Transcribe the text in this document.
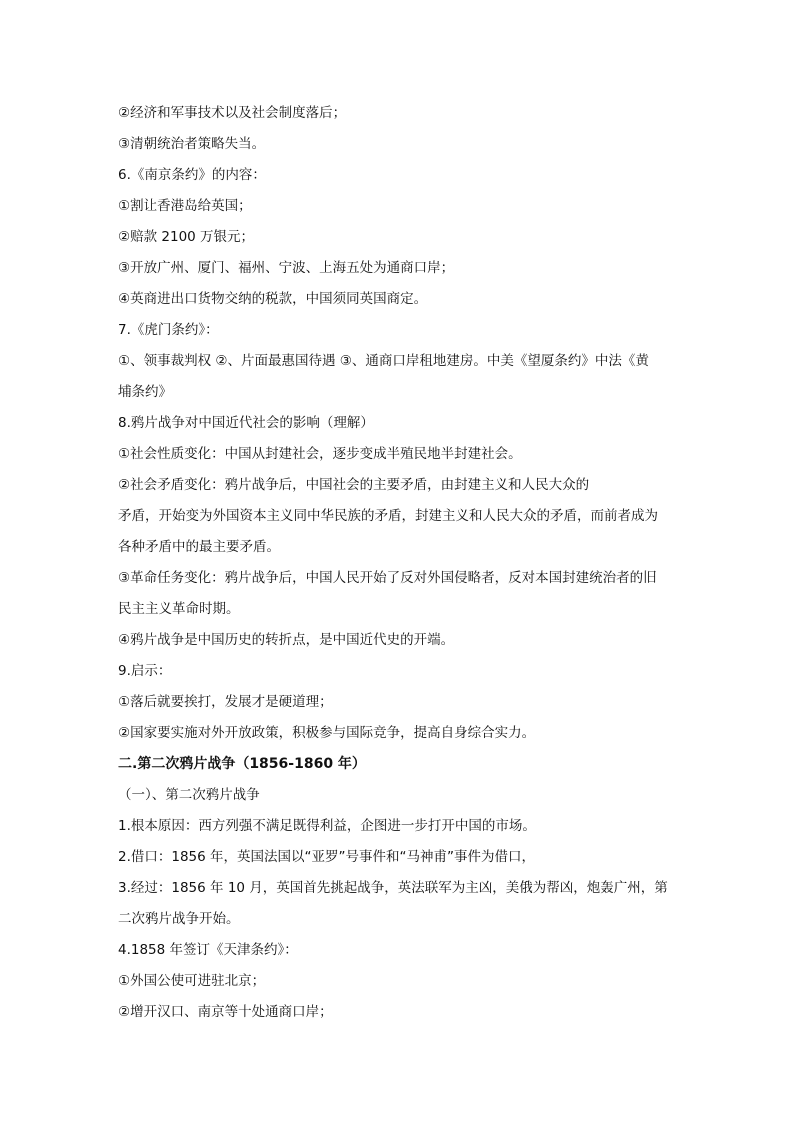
②经济和军事技术以及社会制度落后；
③清朝统治者策略失当。
6.《南京条约》的内容：
①割让香港岛给英国；
②赔款 2100 万银元；
③开放广州、厦门、福州、宁波、上海五处为通商口岸；
④英商进出口货物交纳的税款，中国须同英国商定。
7.《虎门条约》：
①、领事裁判权 ②、片面最惠国待遇 ③、通商口岸租地建房。中美《望厦条约》中法《黄
埔条约》
8.鸦片战争对中国近代社会的影响（理解）
①社会性质变化：中国从封建社会，逐步变成半殖民地半封建社会。
②社会矛盾变化：鸦片战争后，中国社会的主要矛盾，由封建主义和人民大众的
矛盾，开始变为外国资本主义同中华民族的矛盾，封建主义和人民大众的矛盾，而前者成为
各种矛盾中的最主要矛盾。
③革命任务变化：鸦片战争后，中国人民开始了反对外国侵略者，反对本国封建统治者的旧
民主主义革命时期。
④鸦片战争是中国历史的转折点，是中国近代史的开端。
9.启示：
①落后就要挨打，发展才是硬道理；
②国家要实施对外开放政策，积极参与国际竞争，提高自身综合实力。
二.第二次鸦片战争（1856-1860 年）
（一）、第二次鸦片战争
1.根本原因：西方列强不满足既得利益，企图进一步打开中国的市场。
2.借口：1856 年，英国法国以“亚罗”号事件和“马神甫”事件为借口，
3.经过：1856 年 10 月，英国首先挑起战争，英法联军为主凶，美俄为帮凶，炮轰广州，第
二次鸦片战争开始。
4.1858 年签订《天津条约》：
①外国公使可进驻北京；
②增开汉口、南京等十处通商口岸；
